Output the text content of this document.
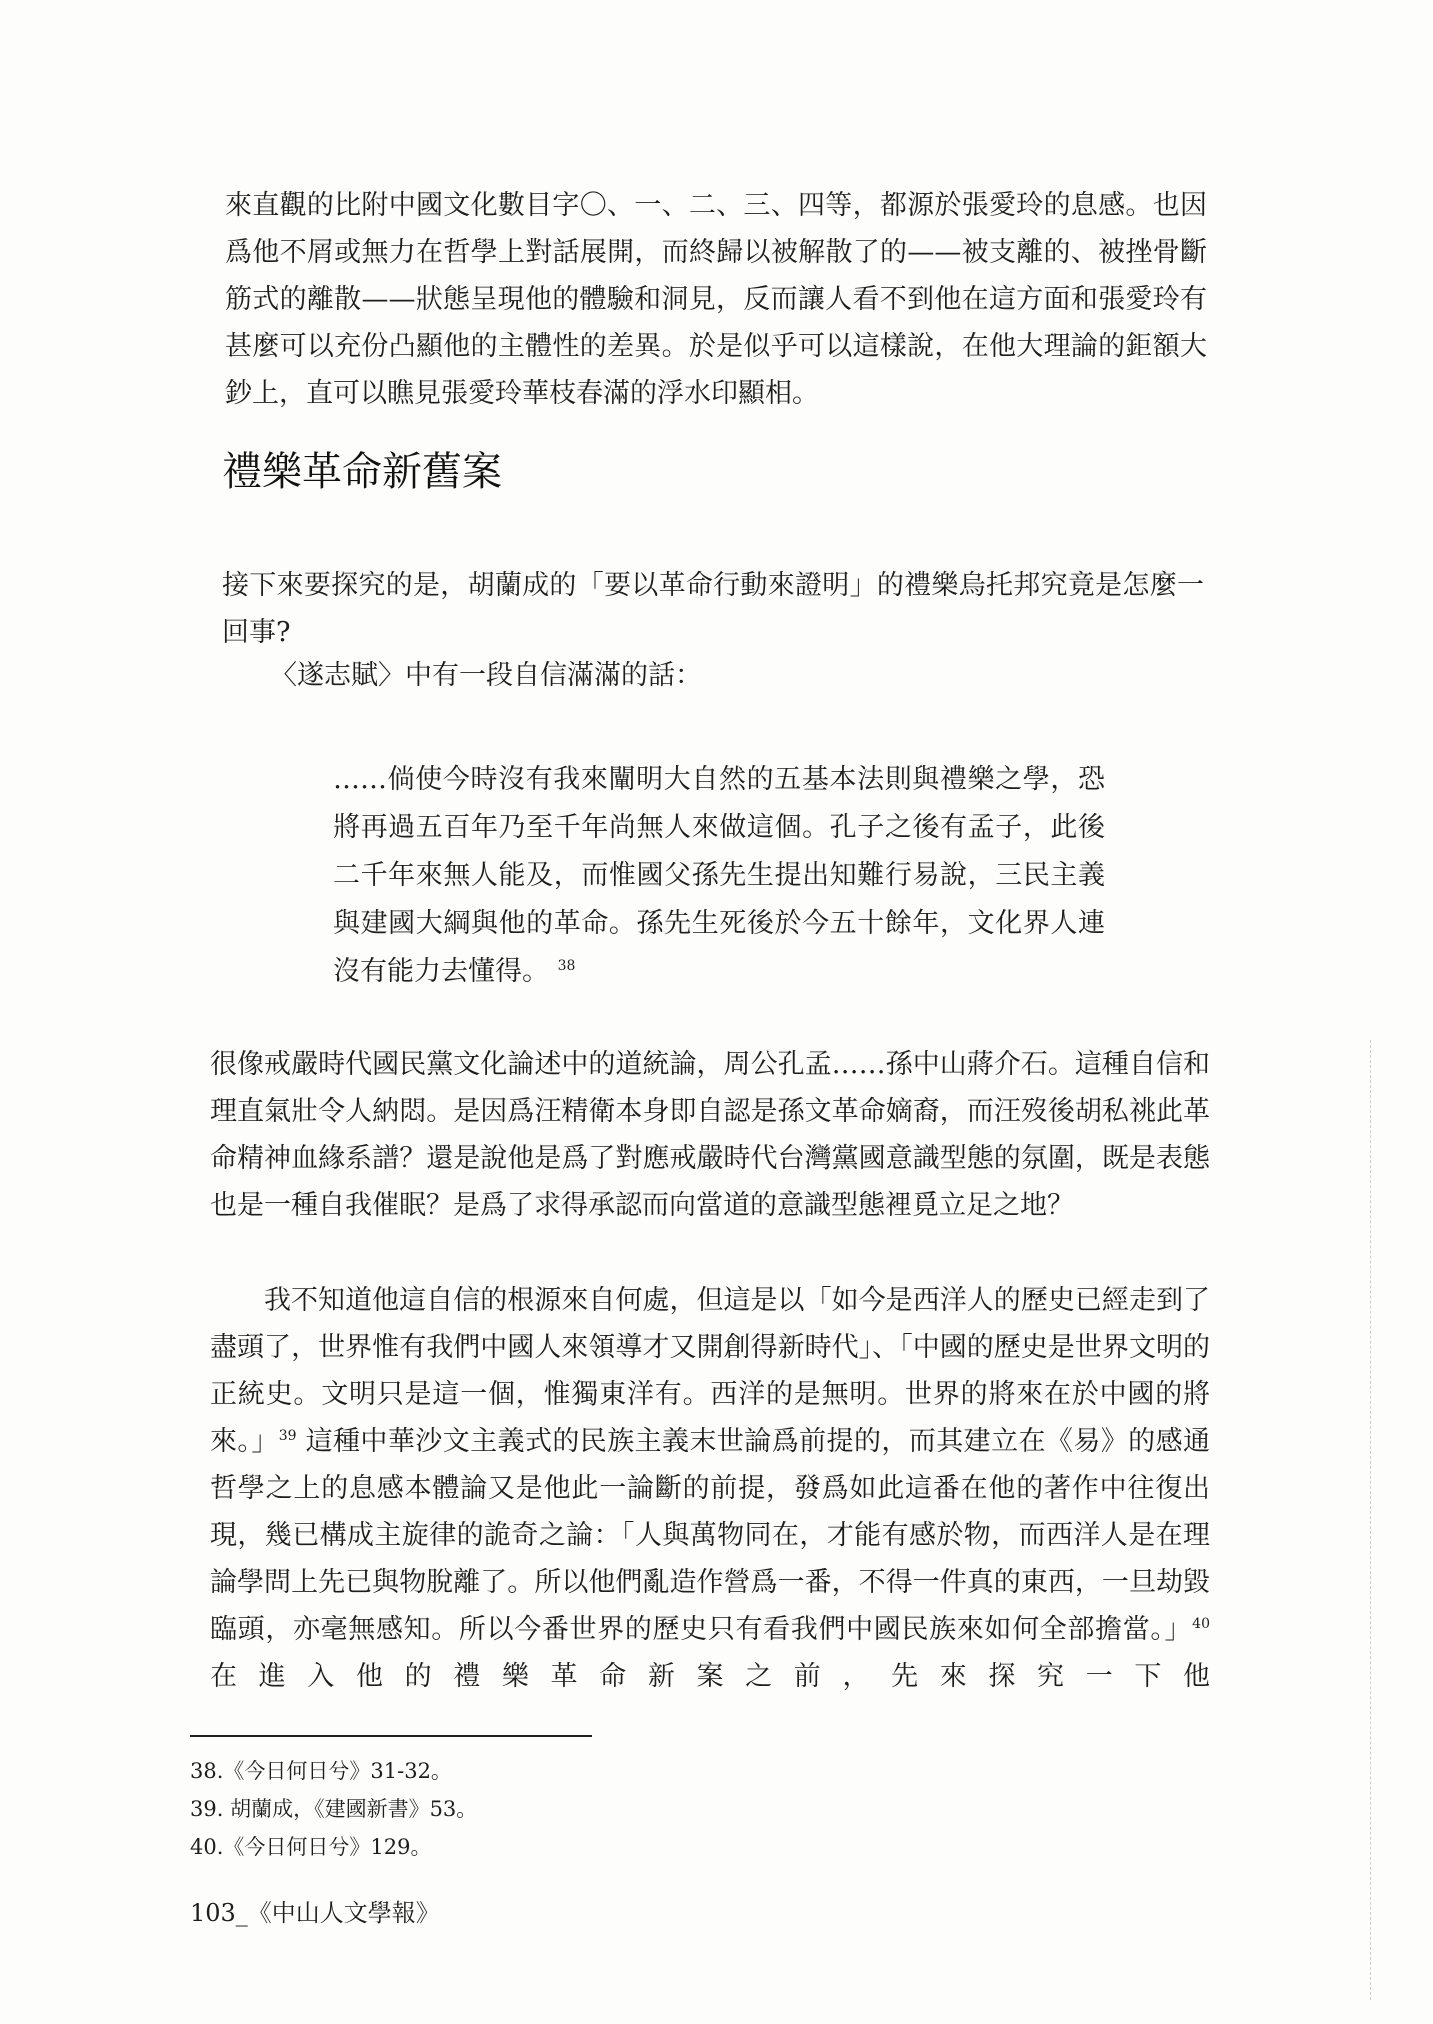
來直觀的比附中國文化數目字〇、一、二、三、四等，都源於張愛玲的息感。也因爲他不屑或無力在哲學上對話展開，而終歸以被解散了的——被支離的、被挫骨斷筋式的離散——狀態呈現他的體驗和洞見，反而讓人看不到他在這方面和張愛玲有甚麼可以充份凸顯他的主體性的差異。於是似乎可以這樣說，在他大理論的鉅額大鈔上，直可以瞧見張愛玲華枝春滿的浮水印顯相。

禮樂革命新舊案

接下來要探究的是，胡蘭成的「要以革命行動來證明」的禮樂烏托邦究竟是怎麼一回事?

〈遂志賦〉中有一段自信滿滿的話：

……倘使今時沒有我來闡明大自然的五基本法則與禮樂之學，恐將再過五百年乃至千年尚無人來做這個。孔子之後有孟子，此後二千年來無人能及，而惟國父孫先生提出知難行易說，三民主義與建國大綱與他的革命。孫先生死後於今五十餘年，文化界人連沒有能力去懂得。 $^{38}$

很像戒嚴時代國民黨文化論述中的道統論，周公孔孟……孫中山蔣介石。這種自信和理直氣壯令人納悶。是因爲汪精衛本身即自認是孫文革命嫡裔，而汪歿後胡私祧此革命精神血緣系譜？還是說他是爲了對應戒嚴時代台灣黨國意識型態的氛圍，既是表態也是一種自我催眠？是爲了求得承認而向當道的意識型態裡覓立足之地？

我不知道他這自信的根源來自何處，但這是以「如今是西洋人的歷史已經走到了盡頭了，世界惟有我們中國人來領導才又開創得新時代」、「中國的歷史是世界文明的正統史。文明只是這一個，惟獨東洋有。西洋的是無明。世界的將來在於中國的將來。」$^{39}$ 這種中華沙文主義式的民族主義末世論爲前提的，而其建立在《易》的感通哲學之上的息感本體論又是他此一論斷的前提，發爲如此這番在他的著作中往復出現，幾已構成主旋律的詭奇之論：「人與萬物同在，才能有感於物，而西洋人是在理論學問上先已與物脫離了。所以他們亂造作營爲一番，不得一件真的東西，一旦劫毀臨頭，亦毫無感知。所以今番世界的歷史只有看我們中國民族來如何全部擔當。」$^{40}$ 在進入他的禮樂革命新案之前，先來探究一下他

38.《今日何日兮》31-32。
39. 胡蘭成，《建國新書》53。
40.《今日何日兮》129。
103_《中山人文學報》
